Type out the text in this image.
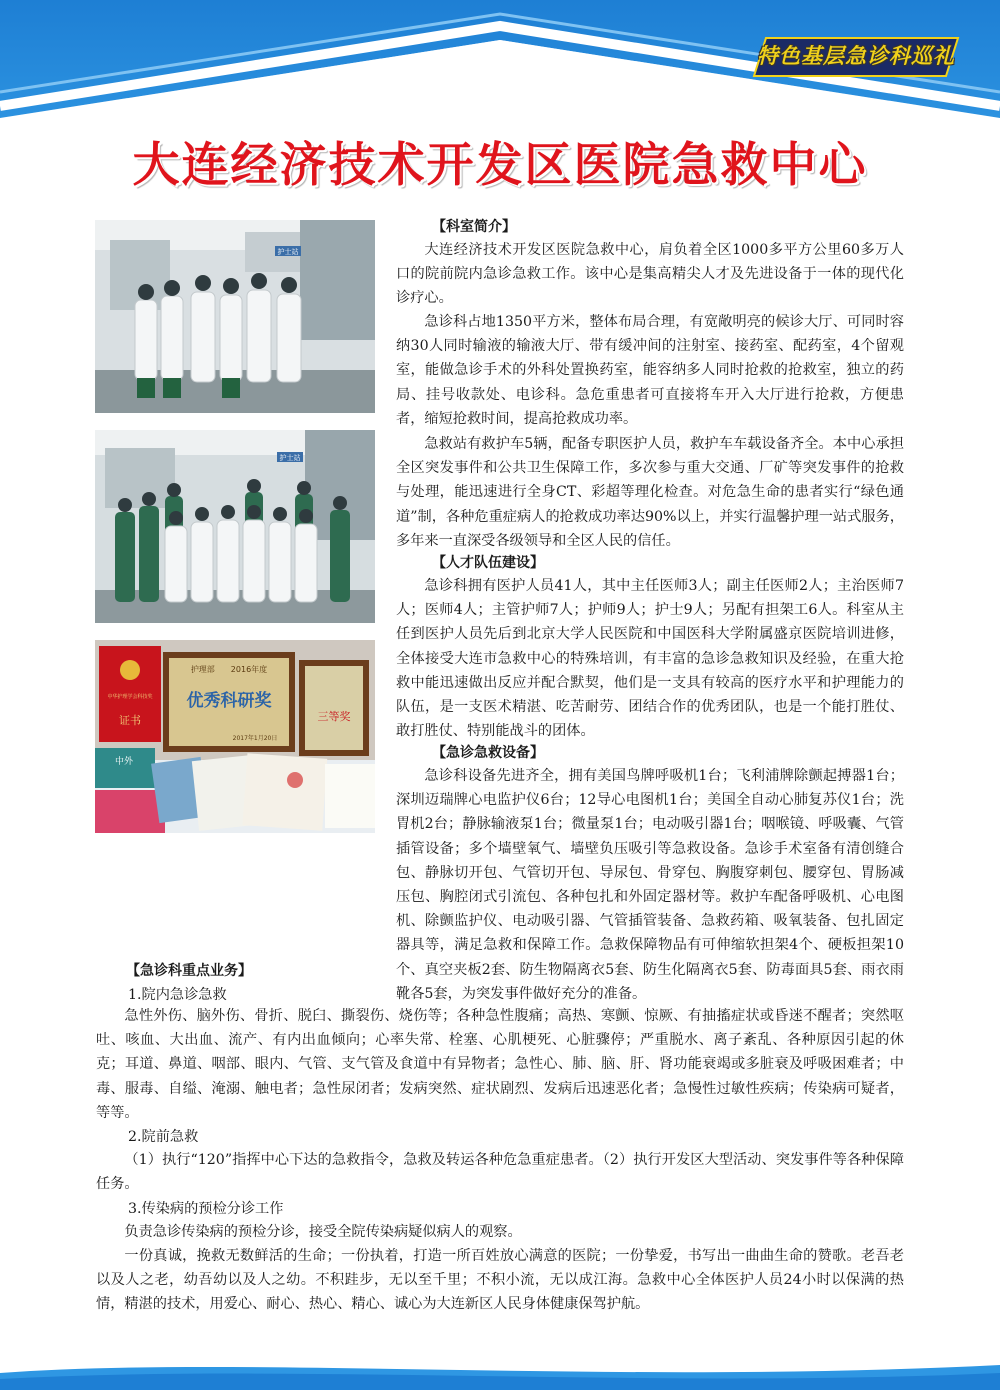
特色基层急诊科巡礼
大连经济技术开发区医院急救中心
护士站
护士站
中华护理学会科技奖
证书
护理部　　2016年度
优秀科研奖
2017年1月20日
三等奖
中外
【科室简介】

大连经济技术开发区医院急救中心，肩负着全区1000多平方公里60多万人口的院前院内急诊急救工作。该中心是集高精尖人才及先进设备于一体的现代化诊疗心。

急诊科占地1350平方米，整体布局合理，有宽敞明亮的候诊大厅、可同时容纳30人同时输液的输液大厅、带有缓冲间的注射室、接药室、配药室，4个留观室，能做急诊手术的外科处置换药室，能容纳多人同时抢救的抢救室，独立的药局、挂号收款处、电诊科。急危重患者可直接将车开入大厅进行抢救，方便患者，缩短抢救时间，提高抢救成功率。

急救站有救护车5辆，配备专职医护人员，救护车车载设备齐全。本中心承担全区突发事件和公共卫生保障工作，多次参与重大交通、厂矿等突发事件的抢救与处理，能迅速进行全身CT、彩超等理化检查。对危急生命的患者实行“绿色通道”制，各种危重症病人的抢救成功率达90%以上，并实行温馨护理一站式服务，多年来一直深受各级领导和全区人民的信任。

【人才队伍建设】

急诊科拥有医护人员41人，其中主任医师3人；副主任医师2人；主治医师7人；医师4人；主管护师7人；护师9人；护士9人；另配有担架工6人。科室从主任到医护人员先后到北京大学人民医院和中国医科大学附属盛京医院培训进修，全体接受大连市急救中心的特殊培训，有丰富的急诊急救知识及经验，在重大抢救中能迅速做出反应并配合默契，他们是一支具有较高的医疗水平和护理能力的队伍，是一支医术精湛、吃苦耐劳、团结合作的优秀团队，也是一个能打胜仗、敢打胜仗、特别能战斗的团体。

【急诊急救设备】

急诊科设备先进齐全，拥有美国鸟牌呼吸机1台；飞利浦牌除颤起搏器1台；深圳迈瑞牌心电监护仪6台；12导心电图机1台；美国全自动心肺复苏仪1台；洗胃机2台；静脉输液泵1台；微量泵1台；电动吸引器1台；咽喉镜、呼吸囊、气管插管设备；多个墙壁氧气、墙壁负压吸引等急救设备。急诊手术室备有清创缝合包、静脉切开包、气管切开包、导尿包、骨穿包、胸腹穿刺包、腰穿包、胃肠减压包、胸腔闭式引流包、各种包扎和外固定器材等。救护车配备呼吸机、心电图机、除颤监护仪、电动吸引器、气管插管装备、急救药箱、吸氧装备、包扎固定器具等，满足急救和保障工作。急救保障物品有可伸缩软担架4个、硬板担架10个、真空夹板2套、防生物隔离衣5套、防生化隔离衣5套、防毒面具5套、雨衣雨靴各5套，为突发事件做好充分的准备。

【急诊科重点业务】
1.院内急诊急救

急性外伤、脑外伤、骨折、脱臼、撕裂伤、烧伤等；各种急性腹痛；高热、寒颤、惊厥、有抽搐症状或昏迷不醒者；突然呕吐、咳血、大出血、流产、有内出血倾向；心率失常、栓塞、心肌梗死、心脏骤停；严重脱水、离子紊乱、各种原因引起的休克；耳道、鼻道、咽部、眼内、气管、支气管及食道中有异物者；急性心、肺、脑、肝、肾功能衰竭或多脏衰及呼吸困难者；中毒、服毒、自缢、淹溺、触电者；急性尿闭者；发病突然、症状剧烈、发病后迅速恶化者；急慢性过敏性疾病；传染病可疑者，等等。

2.院前急救

（1）执行“120”指挥中心下达的急救指令，急救及转运各种危急重症患者。（2）执行开发区大型活动、突发事件等各种保障任务。

3.传染病的预检分诊工作

负责急诊传染病的预检分诊，接受全院传染病疑似病人的观察。

一份真诚，挽救无数鲜活的生命；一份执着，打造一所百姓放心满意的医院；一份挚爱，书写出一曲曲生命的赞歌。老吾老以及人之老，幼吾幼以及人之幼。不积跬步，无以至千里；不积小流，无以成江海。急救中心全体医护人员24小时以保满的热情，精湛的技术，用爱心、耐心、热心、精心、诚心为大连新区人民身体健康保驾护航。
